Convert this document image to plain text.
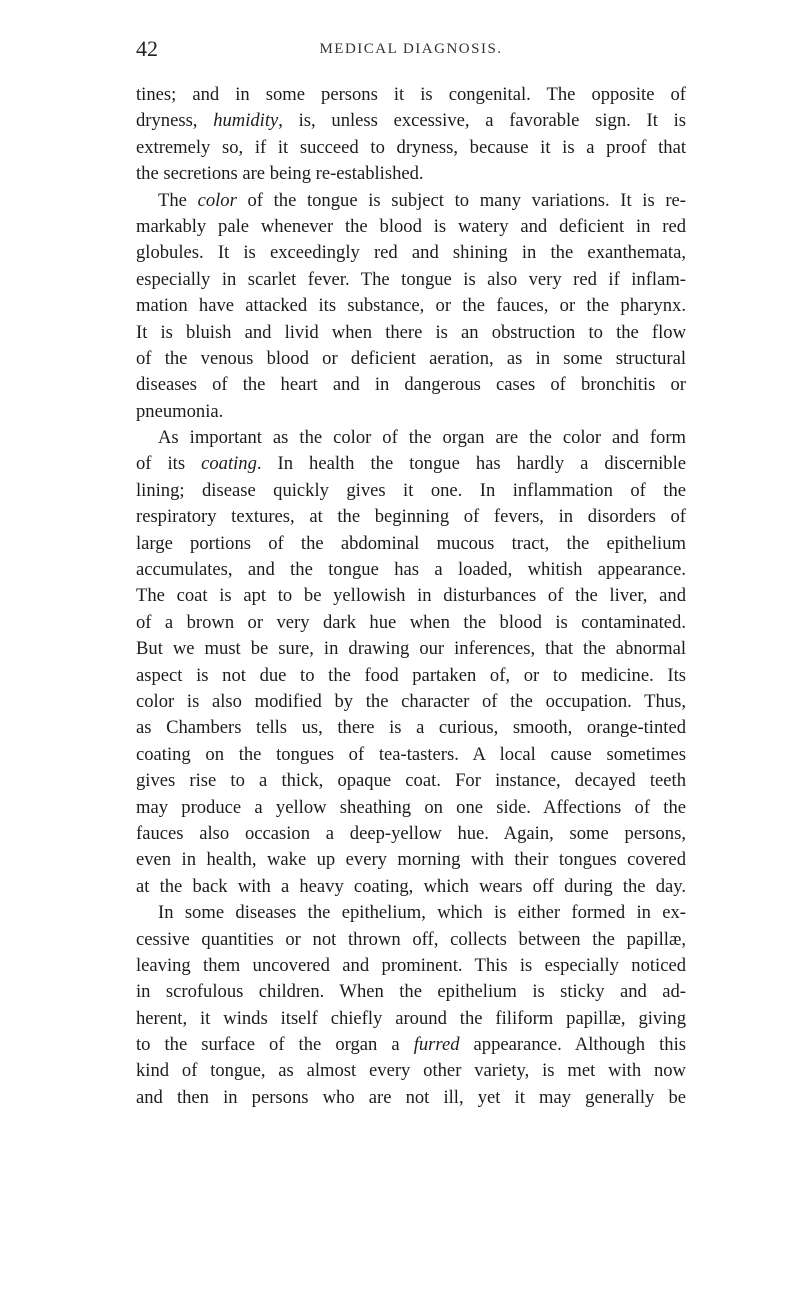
42	MEDICAL DIAGNOSIS.
tines; and in some persons it is congenital. The opposite of
dryness, humidity, is, unless excessive, a favorable sign. It is
extremely so, if it succeed to dryness, because it is a proof that
the secretions are being re-established.
The color of the tongue is subject to many variations. It is re-
markably pale whenever the blood is watery and deficient in red
globules. It is exceedingly red and shining in the exanthemata,
especially in scarlet fever. The tongue is also very red if inflam-
mation have attacked its substance, or the fauces, or the pharynx.
It is bluish and livid when there is an obstruction to the flow
of the venous blood or deficient aeration, as in some structural
diseases of the heart and in dangerous cases of bronchitis or
pneumonia.
As important as the color of the organ are the color and form
of its coating. In health the tongue has hardly a discernible
lining; disease quickly gives it one. In inflammation of the
respiratory textures, at the beginning of fevers, in disorders of
large portions of the abdominal mucous tract, the epithelium
accumulates, and the tongue has a loaded, whitish appearance.
The coat is apt to be yellowish in disturbances of the liver, and
of a brown or very dark hue when the blood is contaminated.
But we must be sure, in drawing our inferences, that the abnormal
aspect is not due to the food partaken of, or to medicine. Its
color is also modified by the character of the occupation. Thus,
as Chambers tells us, there is a curious, smooth, orange-tinted
coating on the tongues of tea-tasters. A local cause sometimes
gives rise to a thick, opaque coat. For instance, decayed teeth
may produce a yellow sheathing on one side. Affections of the
fauces also occasion a deep-yellow hue. Again, some persons,
even in health, wake up every morning with their tongues covered
at the back with a heavy coating, which wears off during the day.
In some diseases the epithelium, which is either formed in ex-
cessive quantities or not thrown off, collects between the papillæ,
leaving them uncovered and prominent. This is especially noticed
in scrofulous children. When the epithelium is sticky and ad-
herent, it winds itself chiefly around the filiform papillæ, giving
to the surface of the organ a furred appearance. Although this
kind of tongue, as almost every other variety, is met with now
and then in persons who are not ill, yet it may generally be
